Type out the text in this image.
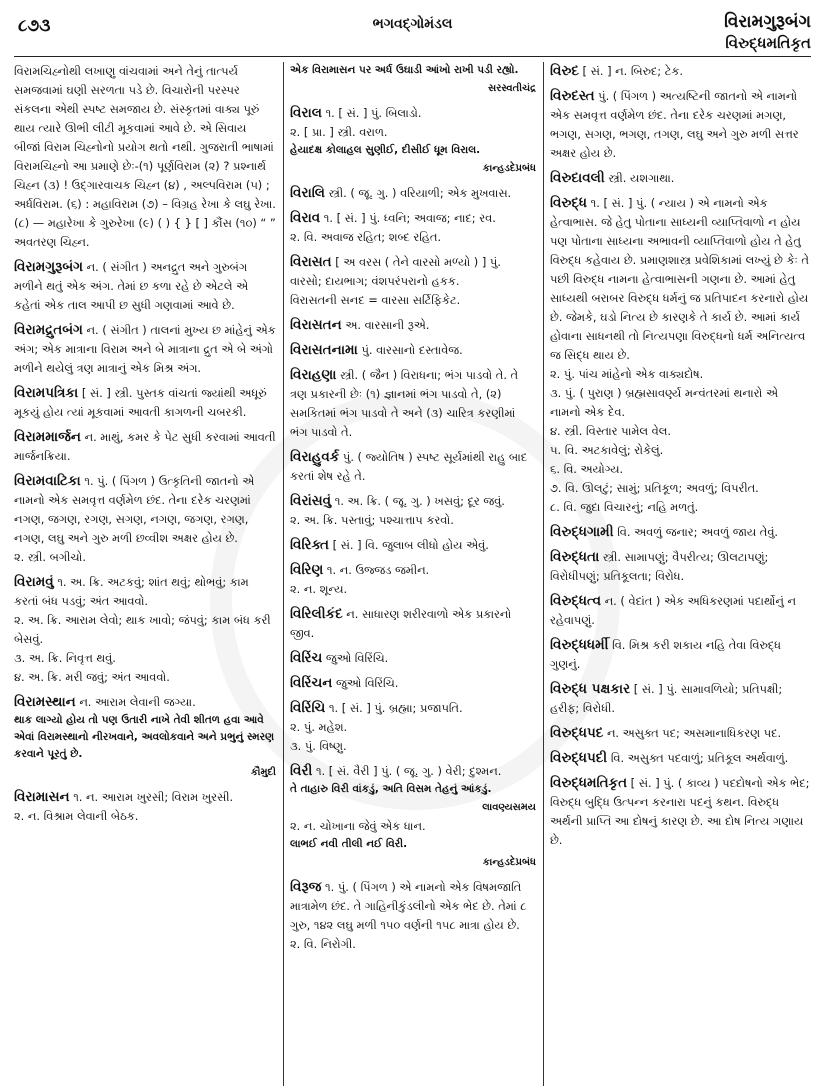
૮૭૩	ભગવદ્ગોમંડલ	વિરામગુરૂબંગ
વિરુદ્ધમતિકૃત
વિરામચિહ્નોથી લખાણુ વાંચવામાં અને તેનું તાત્પર્ય સમજવામાં ઘણી સરળતા પડે છે. વિચારોની પરસ્પર સંકલના એથી સ્પષ્ટ સમજાય છે. સંસ્કૃતમાં વાક્ય પૂરું થાય ત્યારે ઊભી લીટી મૂકવામાં આવે છે. એ સિવાય બીજાં વિરામ ચિહ્નોનો પ્રયોગ થતો નથી. ગુજરાતી ભાષામાં વિરામચિહ્નો આ પ્રમાણે છેઃ-(૧) પૂર્ણવિરામ (૨) ? પ્રશ્નાર્થ ચિહ્ન (૩) ! ઉદ્ગારવાચક ચિહ્ન (૪) , અલ્પવિરામ (૫) ; અર્ધવિરામ. (૬) : મહાવિરામ (૭) – વિગ્રહ રેખા કે લઘુ રેખા. (૮) — મહારેખા કે ગુરુરેખા (૯) ( ) { } [ ] કૌંસ (૧૦) “ ” અવતરણ ચિહ્ન.
વિરામગુરૂબંગ ન. ( સંગીત ) અનદ્રુત અને ગુરુબંગ મળીને થતું એક અંગ. તેમાં છ કળા રહે છે એટલે એ કહેતાં એક તાલ આપી છ સુધી ગણવામાં આવે છે.
વિરામદ્રુતબંગ ન. ( સંગીત ) તાલનાં મુખ્ય છ માંહેનું એક અંગ; એક માત્રાના વિરામ અને બે માત્રાના દ્રુત એ બે અંગો મળીને થયેલું ત્રણ માત્રાનું એક મિશ્ર અંગ.
વિરામપત્રિકા [ સં. ] સ્ત્રી. પુસ્તક વાંચતાં જ્યાંથી અધૂરું મૂકયું હોય ત્યાં મૂકવામાં આવતી કાગળની ચબરકી.
વિરામમાર્જન ન. માથું, કમર કે પેટ સુધી કરવામાં આવતી માર્જનક્રિયા.
વિરામવાટિકા ૧. પું. ( પિંગળ ) ઉત્કૃતિની જાતનો એ નામનો એક સમવૃત્ત વર્ણમેળ છંદ. તેના દરેક ચરણમાં નગણ, જગણ, રગણ, સગણ, નગણ, જગણ, રગણ, નગણ, લઘુ અને ગુરુ મળી છવ્વીશ અક્ષર હોય છે.
૨. સ્ત્રી. બગીચો.
વિરામવું ૧. અ. ક્રિ. અટકવું; શાંત થવું; થોભવું; કામ કરતાં બંધ પડવું; અંત આવવો.
૨. અ. ક્રિ. આરામ લેવો; થાક ખાવો; જંપવું; કામ બંધ કરી બેસવું.
૩. અ. ક્રિ. નિવૃત્ત થવું.
૪. અ. ક્રિ. મરી જવું; અંત આવવો.
વિરામસ્થાન ન. આરામ લેવાની જગ્યા.
થાક લાગ્યો હોય તો પણ ઉતારી નાખે તેવી શીતળ હવા આવે એવાં વિરામસ્થાનો નીરખવાને, અવલોકવાને અને પ્રભુનું સ્મરણ કરવાને પૂરતું છે.
કૌમુદી
વિરામાસન ૧. ન. આરામ ખુરસી; વિરામ ખુરસી.
૨. ન. વિશ્રામ લેવાની બેઠક.
એક વિરામાસન પર અર્ધ ઉઘાડી આંખો રાખી પડી રહ્યો.
સરસ્વતીચંદ્ર
વિરાલ ૧. [ સં. ] પું. બિલાડો.
૨. [ પ્રા. ] સ્ત્રી. વરાળ.
હેયાદક્ષ કોલાહલ સુણીઈ, દીસીઈ ધૂમ વિરાલ.
કાન્હડદેપ્રબંધ
વિરાલિ સ્ત્રી. ( જૂ. ગુ. ) વરિયાળી; એક મુખવાસ.
વિરાવ ૧. [ સં. ] પું. ધ્વનિ; અવાજ; નાદ; રવ.
૨. વિ. અવાજ રહિત; શબ્દ રહિત.
વિરાસત [ અ વરસ ( તેને વારસો મળ્યો ) ] પું. વારસો; દાયભાગ; વંશપરંપરાનો હકક.
વિરાસતની સનદ = વારસા સર્ટિફિકેટ.
વિરાસતન અ. વારસાની રૂએ.
વિરાસતનામા પું. વારસાનો દસ્તાવેજ.
વિરાહણા સ્ત્રી. ( જૈન ) વિરાધના; ભંગ પાડવો તે. તે ત્રણ પ્રકારની છેઃ (૧) જ્ઞાનમાં ભંગ પાડવો તે, (૨) સમકિતમાં ભંગ પાડવો તે અને (૩) ચારિત્ર કરણીમાં ભંગ પાડવો તે.
વિરાહુવર્ક પું. ( જ્યોતિષ ) સ્પષ્ટ સૂર્યમાંથી રાહુ બાદ કરતાં શેષ રહે તે.
વિરાંસવું ૧. અ. ક્રિ. ( જૂ. ગુ. ) ખસવું; દૂર જવું.
૨. અ. ક્રિ. પસ્તાવું; પશ્ચાત્તાપ કરવો.
વિરિક્ત [ સં. ] વિ. જુલાબ લીધો હોય એવું.
વિરિણ ૧. ન. ઉજ્જડ જમીન.
૨. ન. શૂન્ય.
વિરિલીકંદ ન. સાધારણ શરીરવાળો એક પ્રકારનો જીવ.
વિરિંચ જુઓ વિરિંચિ.
વિરિંચન જુઓ વિરિંચિ.
વિરિંચિ ૧. [ સં. ] પું. બ્રહ્મા; પ્રજાપતિ.
૨. પું. મહેશ.
૩. પું. વિષ્ણુ.
વિરી ૧. [ સં. વૈરી ] પું. ( જૂ. ગુ. ) વેરી; દુશ્મન.
તે તાહારુ વિરી વાંકડું, અતિ વિસમ તેહનું આંકડું.
લાવણ્યસમય
૨. ન. ચોખાના જેવું એક ધાન.
લાભઈ નવી તીલી નઈ વિરી.
કાન્હડદેપ્રબંધ
વિરૂજ ૧. પું. ( પિંગળ ) એ નામનો એક વિષમજાતિ માત્રામેળ છંદ. તે ગાહિનીકુંડલીનો એક ભેદ છે. તેમાં ૮ ગુરુ, ૧૪૨ લઘુ મળી ૧૫૦ વર્ણની ૧૫૮ માત્રા હોય છે.
૨. વિ. નિરોગી.
વિરુદ [ સં. ] ન. બિરુદ; ટેક.
વિરુદસ્ત પું. ( પિંગળ ) અત્યષ્ટિની જાતનો એ નામનો એક સમવૃત્ત વર્ણમેળ છંદ. તેના દરેક ચરણમાં મગણ, ભગણ, સગણ, ભગણ, તગણ, લઘુ અને ગુરુ મળી સત્તર અક્ષર હોય છે.
વિરુદાવલી સ્ત્રી. યશગાથા.
વિરુદ્ધ ૧. [ સં. ] પું. ( ન્યાય ) એ નામનો એક હેત્વાભાસ. જે હેતુ પોતાના સાધ્યની વ્યાપ્તિવાળો ન હોય પણ પોતાના સાધ્યના અભાવની વ્યાપ્તિવાળો હોય તે હેતુ વિરુદ્ધ કહેવાય છે. પ્રમાણશાસ્ત્ર પ્રવેશિકામાં લખ્યું છે કેઃ તે પછી વિરુદ્ધ નામના હેત્વાભાસની ગણના છે. આમાં હેતુ સાધ્યથી બરાબર વિરુદ્ધ ધર્મનું જ પ્રતિપાદન કરનારો હોય છે. જેમકે, ઘડો નિત્ય છે કારણકે તે કાર્ય છે. આમાં કાર્ય હોવાના સાધનથી તો નિત્યપણા વિરુદ્ધનો ધર્મ અનિત્યત્વ જ સિદ્ધ થાય છે.
૨. પું. પાંચ માંહેનો એક વાક્યદોષ.
૩. પું. ( પુરાણ ) બ્રહ્મસાવર્ણ્ય મન્વંતરમાં થનારો એ નામનો એક દેવ.
૪. સ્ત્રી. વિસ્તાર પામેલ વેલ.
૫. વિ. અટકાવેલું; રોકેલું.
૬. વિ. અયોગ્ય.
૭. વિ. ઊલટું; સામું; પ્રતિકૂળ; અવળું; વિપરીત.
૮. વિ. જુદા વિચારનું; નહિ મળતું.
વિરુદ્ધગામી વિ. અવળું જનાર; અવળું જાય તેવું.
વિરુદ્ધતા સ્ત્રી. સામાપણું; વૈપરીત્ય; ઊલટાપણું; વિરોધીપણું; પ્રતિકૂલતા; વિરોધ.
વિરુદ્ધત્વ ન. ( વેદાંત ) એક અધિકરણમાં પદાર્થોનું ન રહેવાપણું.
વિરુદ્ધધર્મી વિ. મિશ્ર કરી શકાય નહિ તેવા વિરુદ્ધ ગુણનું.
વિરુદ્ધ પક્ષકાર [ સં. ] પું. સામાવળિયો; પ્રતિપક્ષી; હરીફ; વિરોધી.
વિરુદ્ધપદ ન. અસુક્ત પદ; અસમાનાધિકરણ પદ.
વિરુદ્ધપદી વિ. અસુક્ત પદવાળું; પ્રતિકૂલ અર્થવાળું.
વિરુદ્ધમતિકૃત [ સં. ] પું. ( કાવ્ય ) પદદોષનો એક ભેદ; વિરુદ્ધ બુદ્ધિ ઉત્પન્ન કરનારા પદનું કથન. વિરુદ્ધ અર્થની પ્રાપ્તિ આ દોષનું કારણ છે. આ દોષ નિત્ય ગણાય છે.
